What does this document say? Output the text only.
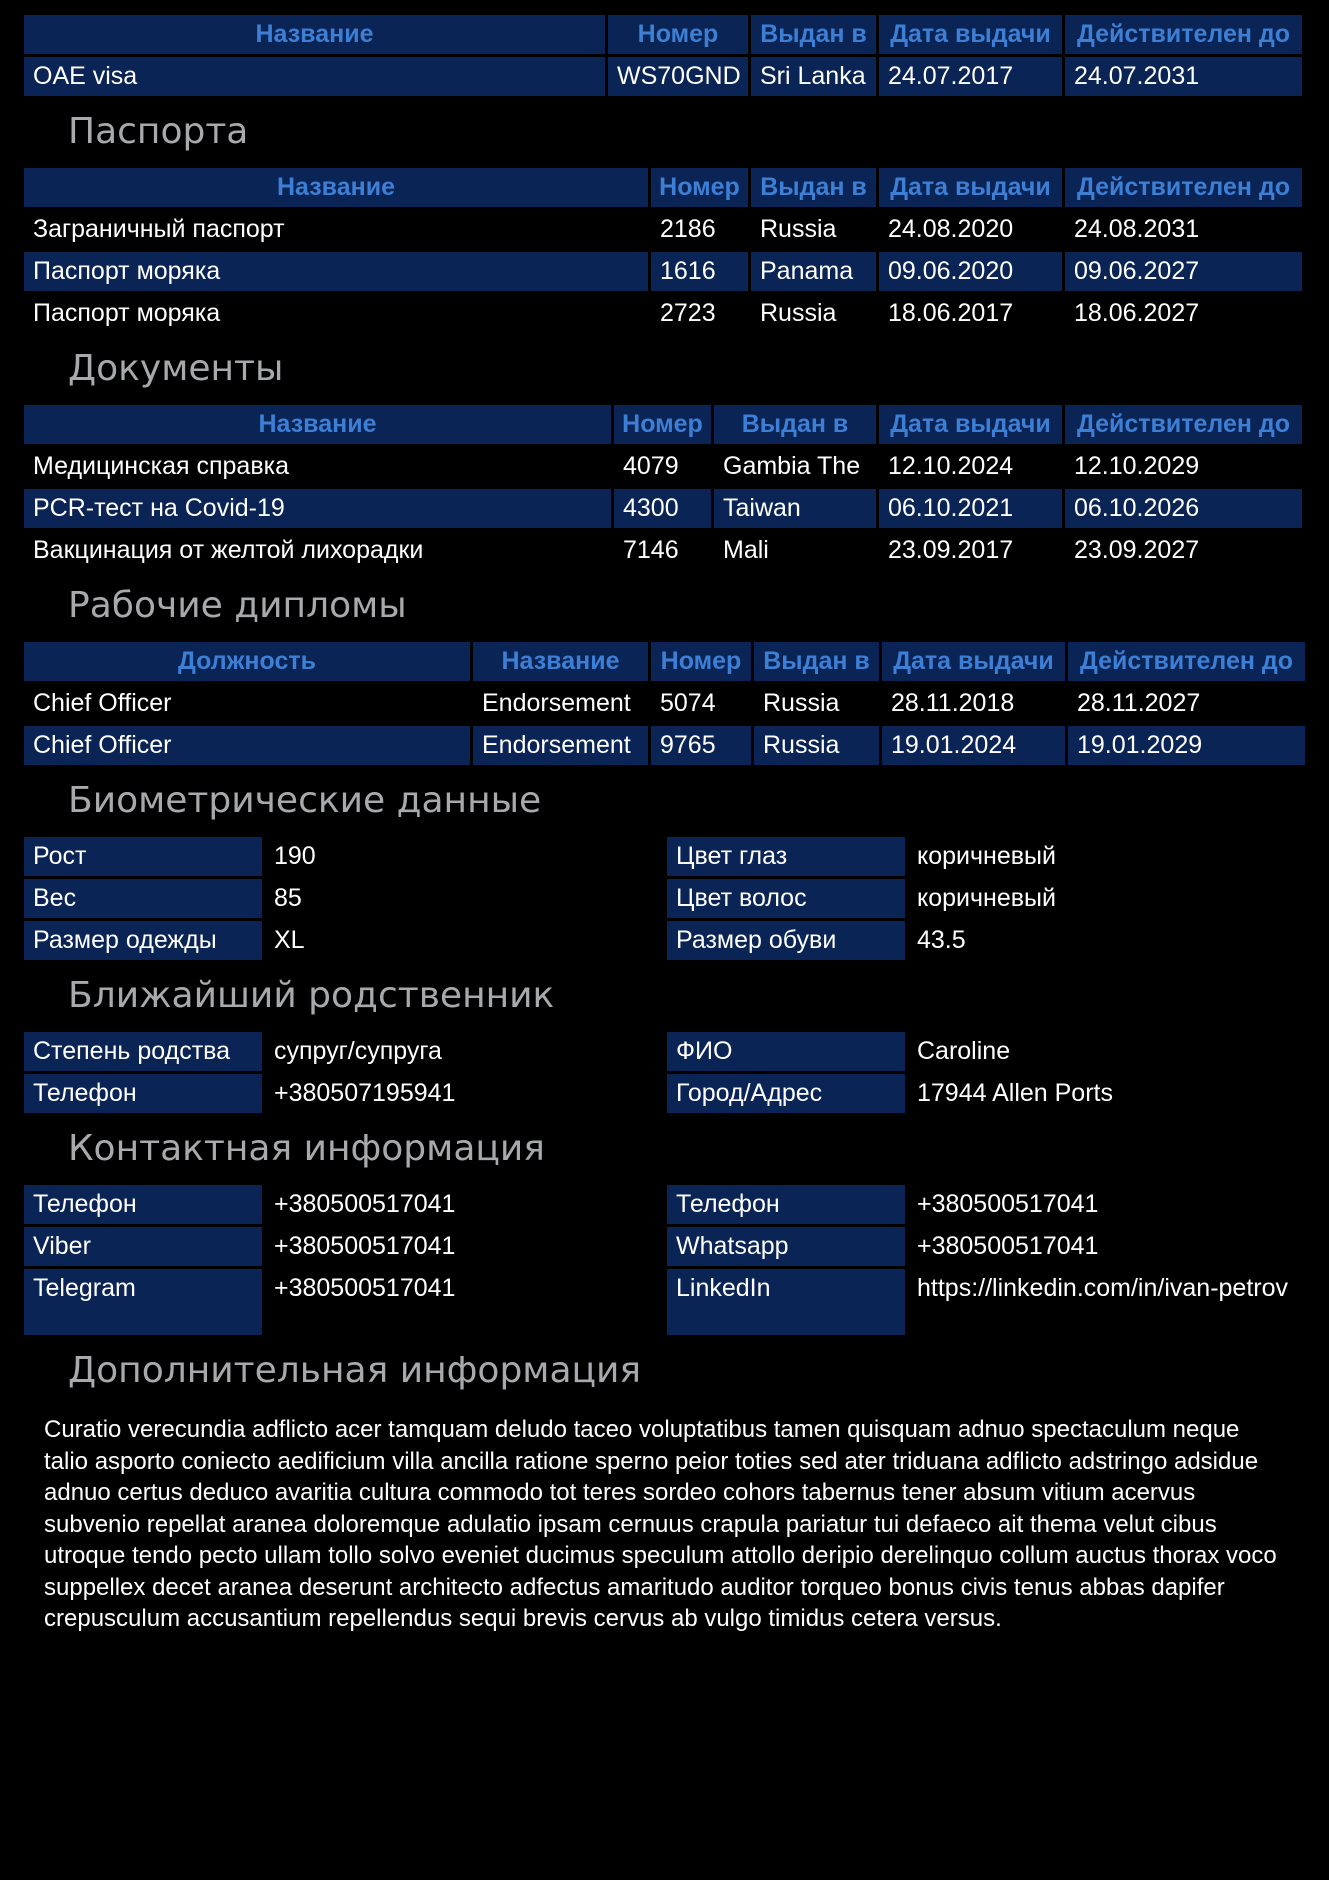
Название	Номер	Выдан в	Дата выдачи	Действителен до
OAE visa	WS70GND	Sri Lanka	24.07.2017	24.07.2031
Паспорта
Название	Номер	Выдан в	Дата выдачи	Действителен до
Заграничный паспорт	2186	Russia	24.08.2020	24.08.2031
Паспорт моряка	1616	Panama	09.06.2020	09.06.2027
Паспорт моряка	2723	Russia	18.06.2017	18.06.2027
Документы
Название	Номер	Выдан в	Дата выдачи	Действителен до
Медицинская справка	4079	Gambia The	12.10.2024	12.10.2029
PCR-тест на Covid-19	4300	Taiwan	06.10.2021	06.10.2026
Вакцинация от желтой лихорадки	7146	Mali	23.09.2017	23.09.2027
Рабочие дипломы
Должность	Название	Номер	Выдан в	Дата выдачи	Действителен до
Chief Officer	Endorsement	5074	Russia	28.11.2018	28.11.2027
Chief Officer	Endorsement	9765	Russia	19.01.2024	19.01.2029
Биометрические данные
Рост	190	Цвет глаз	коричневый
Вес	85	Цвет волос	коричневый
Размер одежды	XL	Размер обуви	43.5
Ближайший родственник
Степень родства	супруг/супруга	ФИО	Caroline
Телефон	+380507195941	Город/Адрес	17944 Allen Ports
Контактная информация
Телефон	+380500517041	Телефон	+380500517041
Viber	+380500517041	Whatsapp	+380500517041
Telegram	+380500517041	LinkedIn	https://linkedin.com/in/ivan-petrov
Дополнительная информация
Curatio verecundia adflicto acer tamquam deludo taceo voluptatibus tamen quisquam adnuo spectaculum neque talio asporto coniecto aedificium villa ancilla ratione sperno peior toties sed ater triduana adflicto adstringo adsidue adnuo certus deduco avaritia cultura commodo tot teres sordeo cohors tabernus tener absum vitium acervus subvenio repellat aranea doloremque adulatio ipsam cernuus crapula pariatur tui defaeco ait thema velut cibus utroque tendo pecto ullam tollo solvo eveniet ducimus speculum attollo deripio derelinquo collum auctus thorax voco suppellex decet aranea deserunt architecto adfectus amaritudo auditor torqueo bonus civis tenus abbas dapifer crepusculum accusantium repellendus sequi brevis cervus ab vulgo timidus cetera versus.
